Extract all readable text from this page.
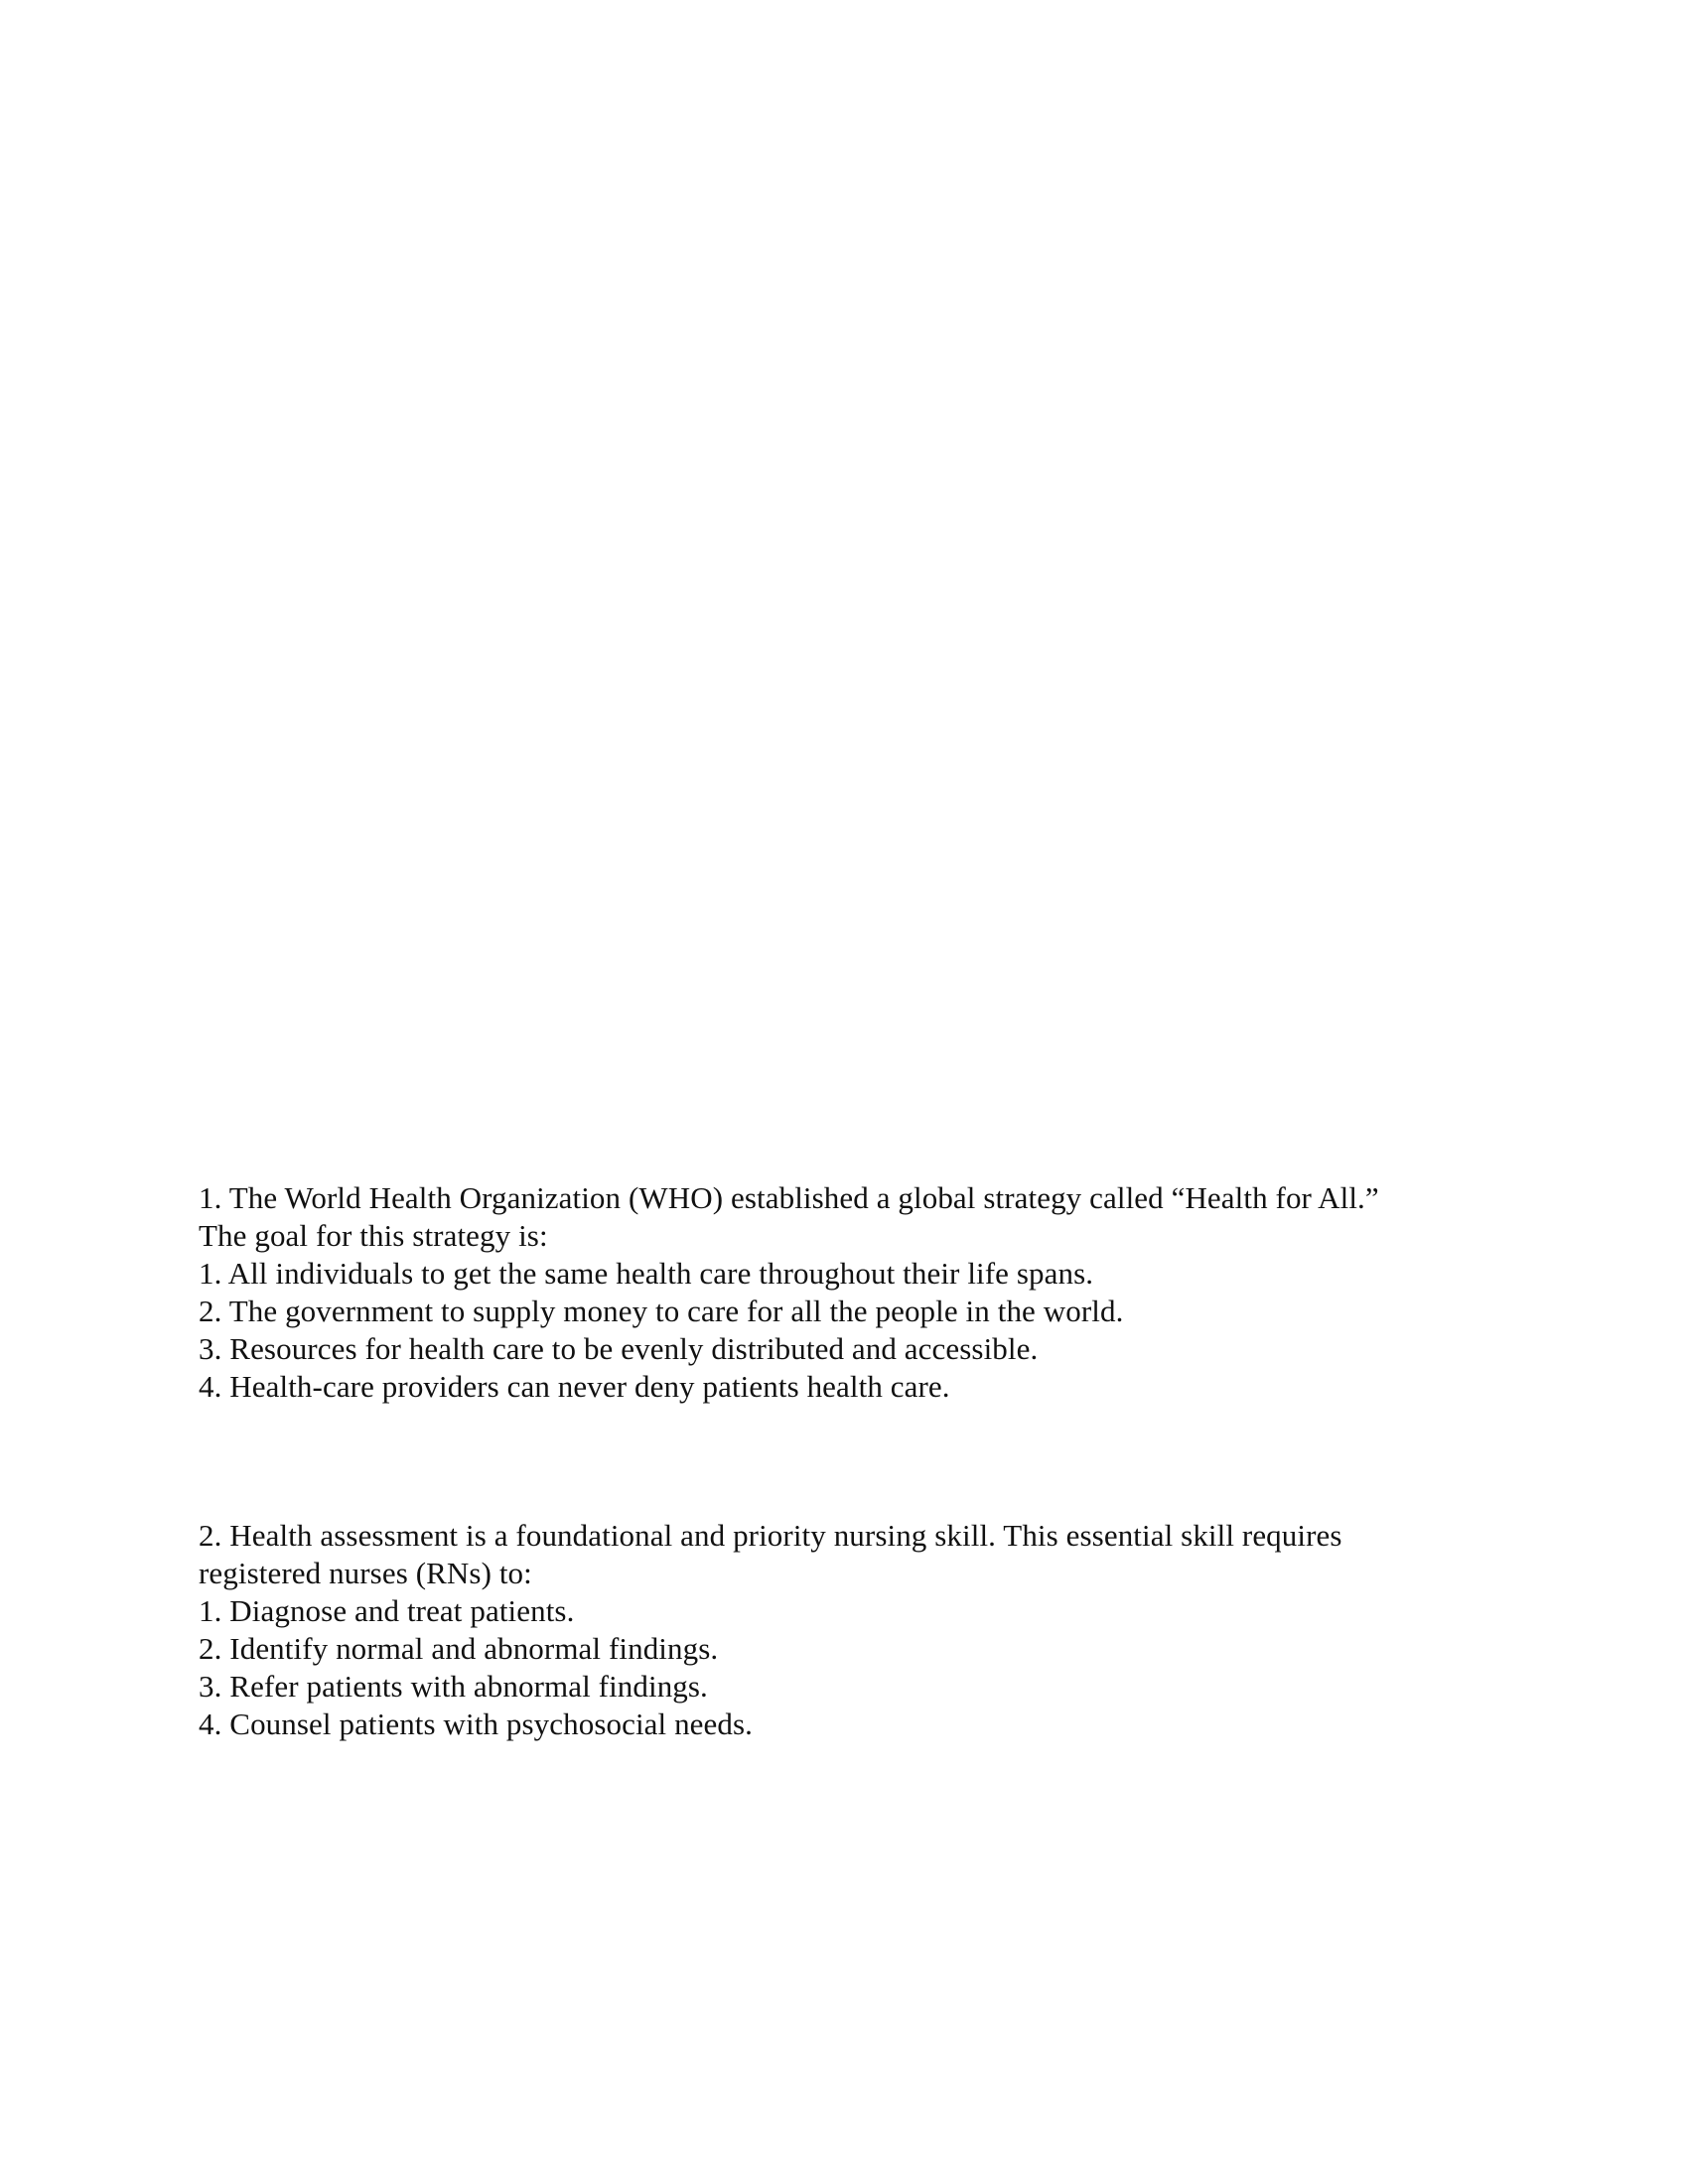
1. The World Health Organization (WHO) established a global strategy called “Health for All.”
The goal for this strategy is:
1. All individuals to get the same health care throughout their life spans.
2. The government to supply money to care for all the people in the world.
3. Resources for health care to be evenly distributed and accessible.
4. Health-care providers can never deny patients health care.
2. Health assessment is a foundational and priority nursing skill. This essential skill requires
registered nurses (RNs) to:
1. Diagnose and treat patients.
2. Identify normal and abnormal findings.
3. Refer patients with abnormal findings.
4. Counsel patients with psychosocial needs.
